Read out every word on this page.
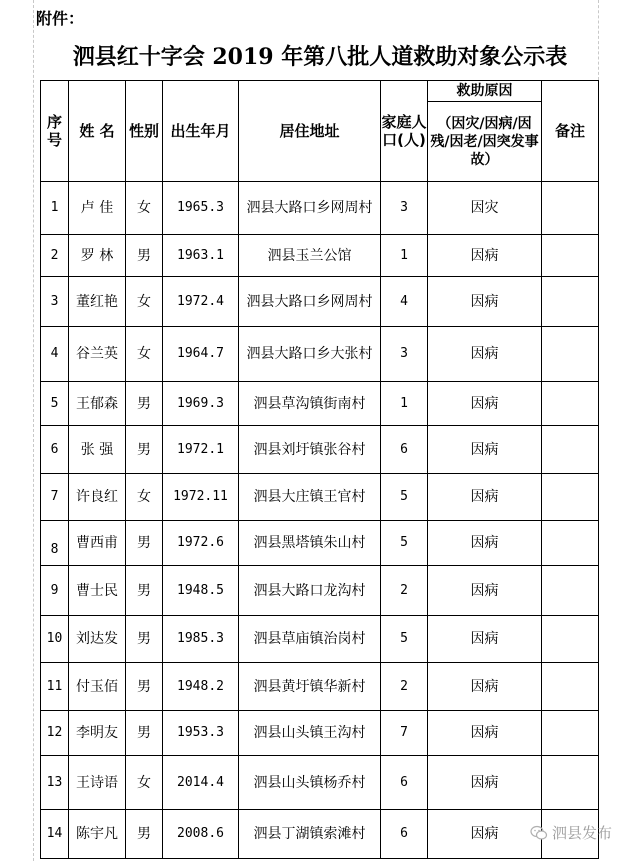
附件：
泗县红十字会 2019 年第八批人道救助对象公示表
序号	姓 名	性别	出生年月	居住地址	家庭人口(人)	救助原因	备注
						（因灾/因病/因残/因老/因突发事故）	
1	卢 佳	女	1965.3	泗县大路口乡网周村	3	因灾	
2	罗 林	男	1963.1	泗县玉兰公馆	1	因病	
3	董红艳	女	1972.4	泗县大路口乡网周村	4	因病	
4	谷兰英	女	1964.7	泗县大路口乡大张村	3	因病	
5	王郁森	男	1969.3	泗县草沟镇街南村	1	因病	
6	张 强	男	1972.1	泗县刘圩镇张谷村	6	因病	
7	许良红	女	1972.11	泗县大庄镇王官村	5	因病	
8	曹西甫	男	1972.6	泗县黑塔镇朱山村	5	因病	
9	曹士民	男	1948.5	泗县大路口龙沟村	2	因病	
10	刘达发	男	1985.3	泗县草庙镇治岗村	5	因病	
11	付玉佰	男	1948.2	泗县黄圩镇华新村	2	因病	
12	李明友	男	1953.3	泗县山头镇王沟村	7	因病	
13	王诗语	女	2014.4	泗县山头镇杨乔村	6	因病	
14	陈宇凡	男	2008.6	泗县丁湖镇索滩村	6	因病		泗县发布
